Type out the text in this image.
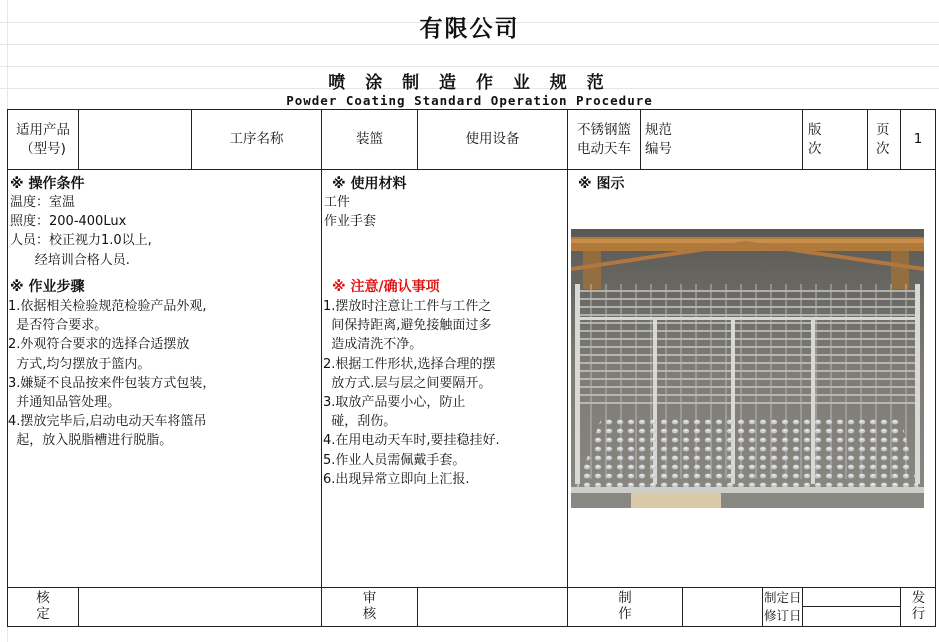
有限公司
喷 涂 制 造 作 业 规 范
Powder Coating Standard Operation Procedure
适用产品
（型号)
工序名称	装篮	使用设备
不锈钢篮
电动天车
规范
编号
版
次
页
次
1
※ 操作条件
温度：室温
照度：200-400Lux
人员：校正视力1.0以上,
经培训合格人员.
※ 作业步骤
1.依据相关检验规范检验产品外观,
是否符合要求。
2.外观符合要求的选择合适摆放
方式,均匀摆放于篮内。
3.嫌疑不良品按来件包装方式包装，
并通知品管处理。
4.摆放完毕后,启动电动天车将篮吊
起，放入脱脂槽进行脱脂。
※ 使用材料
工件
作业手套
※ 注意/确认事项
1.摆放时注意让工件与工件之
间保持距离,避免接触面过多
造成清洗不净。
2.根据工件形状,选择合理的摆
放方式.层与层之间要隔开。
3.取放产品要小心，防止
碰，刮伤。
4.在用电动天车时,要挂稳挂好.
5.作业人员需佩戴手套。
6.出现异常立即向上汇报.
※ 图示
核
定
审
核
制
作
制定日
修订日
发
行
